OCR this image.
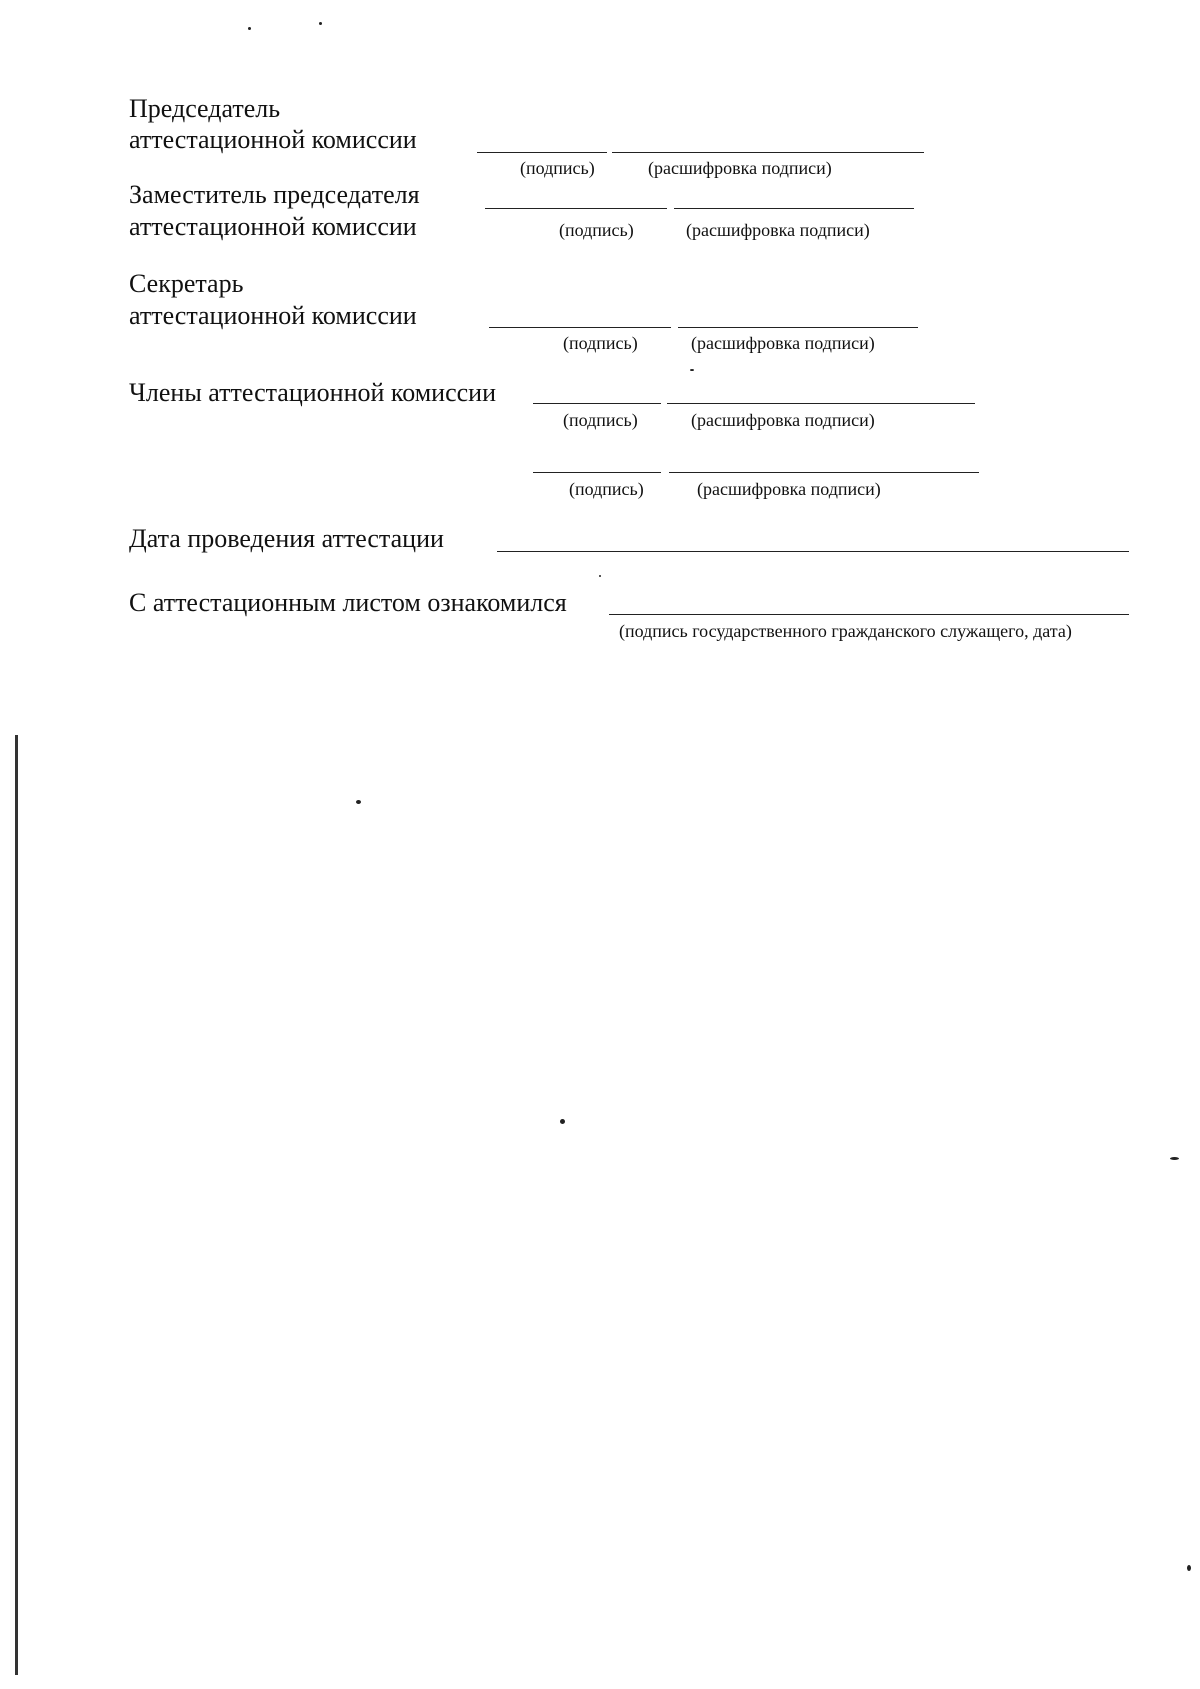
Председатель
аттестационной комиссии
(подпись)	(расшифровка подписи)
Заместитель председателя
аттестационной комиссии	(подпись)	(расшифровка подписи)
Секретарь
аттестационной комиссии
(подпись)	(расшифровка подписи)
Члены аттестационной комиссии
(подпись)	(расшифровка подписи)
(подпись)	(расшифровка подписи)
Дата проведения аттестации
С аттестационным листом ознакомился
(подпись государственного гражданского служащего, дата)
